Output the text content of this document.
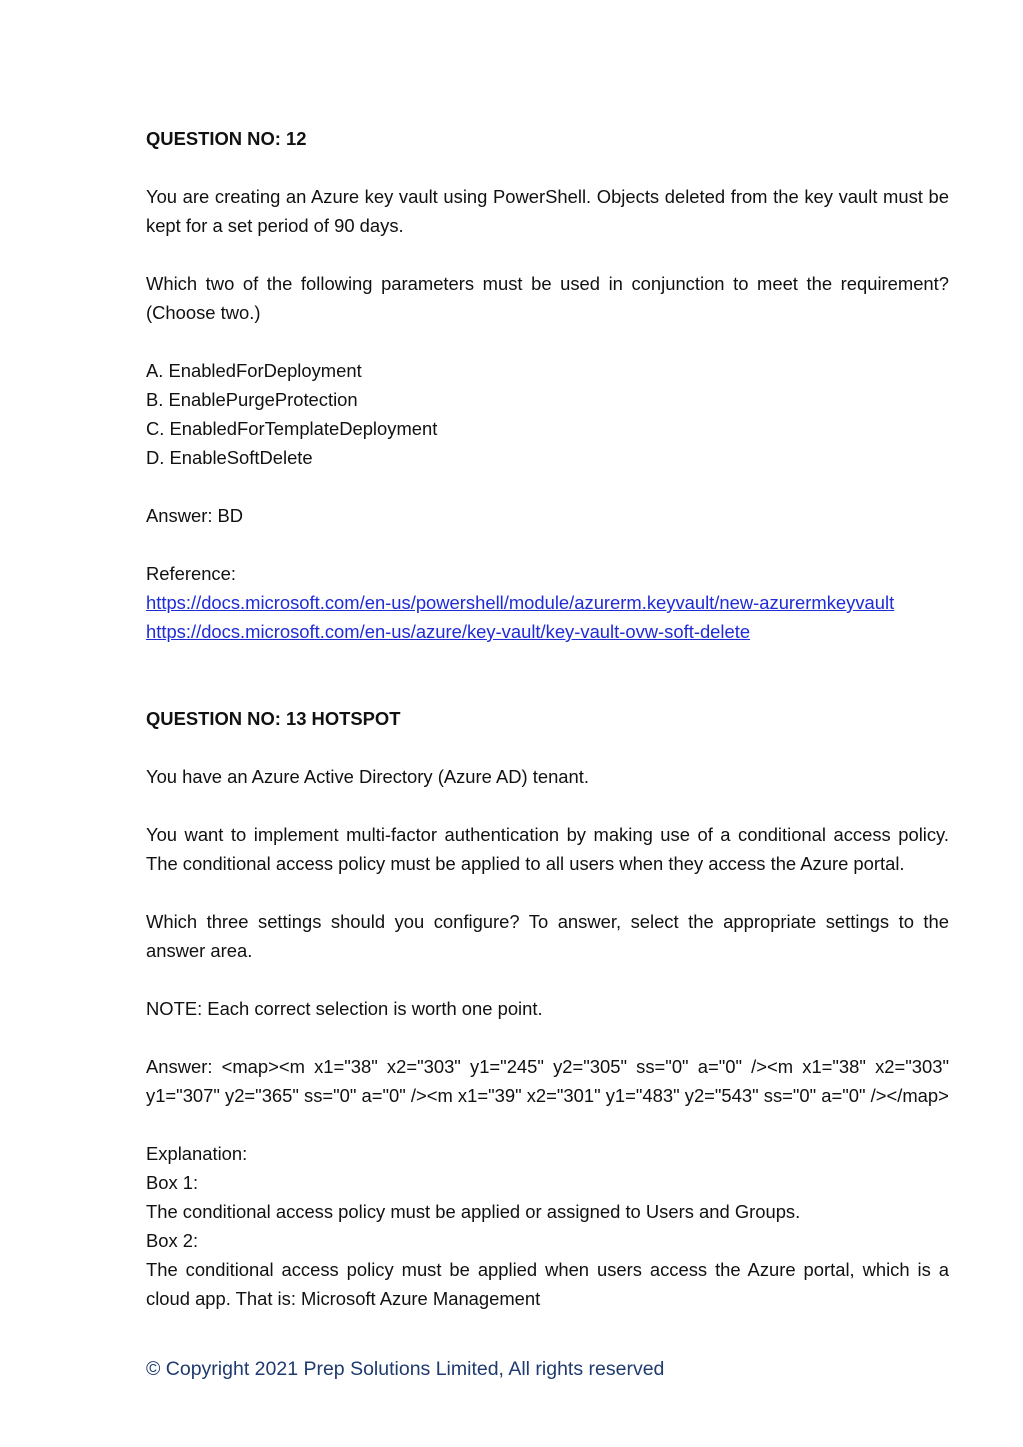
QUESTION NO: 12

You are creating an Azure key vault using PowerShell. Objects deleted from the key vault must be kept for a set period of 90 days.

Which two of the following parameters must be used in conjunction to meet the requirement? (Choose two.)

A. EnabledForDeployment

B. EnablePurgeProtection

C. EnabledForTemplateDeployment

D. EnableSoftDelete

Answer: BD

Reference:

https://docs.microsoft.com/en-us/powershell/module/azurerm.keyvault/new-azurermkeyvault
https://docs.microsoft.com/en-us/azure/key-vault/key-vault-ovw-soft-delete

QUESTION NO: 13 HOTSPOT

You have an Azure Active Directory (Azure AD) tenant.

You want to implement multi-factor authentication by making use of a conditional access policy. The conditional access policy must be applied to all users when they access the Azure portal.

Which three settings should you configure? To answer, select the appropriate settings to the answer area.

NOTE: Each correct selection is worth one point.

Answer: <map><m x1="38" x2="303" y1="245" y2="305" ss="0" a="0" /><m x1="38" x2="303" y1="307" y2="365" ss="0" a="0" /><m x1="39" x2="301" y1="483" y2="543" ss="0" a="0" /></map>

Explanation:

Box 1:

The conditional access policy must be applied or assigned to Users and Groups.

Box 2:

The conditional access policy must be applied when users access the Azure portal, which is a cloud app. That is: Microsoft Azure Management

© Copyright 2021 Prep Solutions Limited, All rights reserved
